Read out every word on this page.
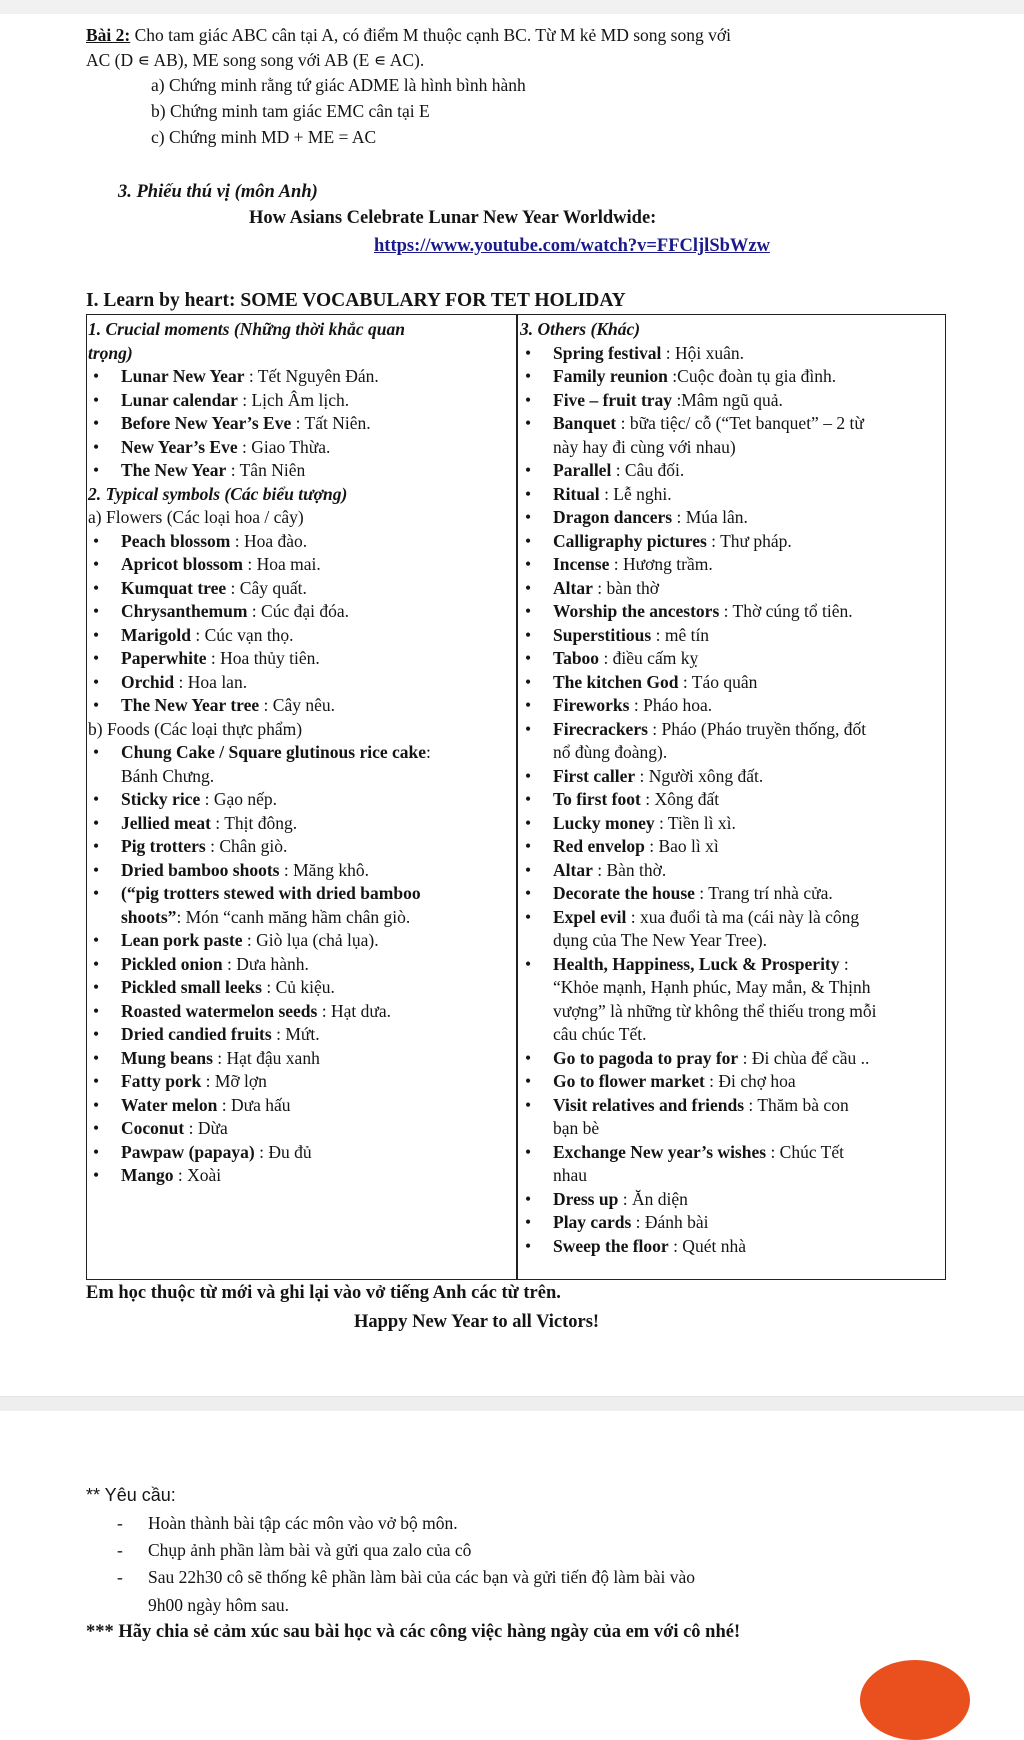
Bài 2: Cho tam giác ABC cân tại A, có điểm M thuộc cạnh BC. Từ M kẻ MD song song với
AC (D ∊ AB), ME song song với AB (E ∊ AC).
a) Chứng minh rằng tứ giác ADME là hình bình hành
b) Chứng minh tam giác EMC cân tại E
c) Chứng minh MD + ME = AC
3. Phiếu thú vị (môn Anh)
How Asians Celebrate Lunar New Year Worldwide:
https://www.youtube.com/watch?v=FFCljlSbWzw
I. Learn by heart: SOME VOCABULARY FOR TET HOLIDAY
1. Crucial moments (Những thời khắc quan
trọng)
• Lunar New Year : Tết Nguyên Đán.
• Lunar calendar : Lịch Âm lịch.
• Before New Year’s Eve : Tất Niên.
• New Year’s Eve : Giao Thừa.
• The New Year : Tân Niên
2. Typical symbols (Các biểu tượng)
a) Flowers (Các loại hoa / cây)
• Peach blossom : Hoa đào.
• Apricot blossom : Hoa mai.
• Kumquat tree : Cây quất.
• Chrysanthemum : Cúc đại đóa.
• Marigold : Cúc vạn thọ.
• Paperwhite : Hoa thủy tiên.
• Orchid : Hoa lan.
• The New Year tree : Cây nêu.
b) Foods (Các loại thực phẩm)
• Chung Cake / Square glutinous rice cake:
Bánh Chưng.
• Sticky rice : Gạo nếp.
• Jellied meat : Thịt đông.
• Pig trotters : Chân giò.
• Dried bamboo shoots : Măng khô.
• (“pig trotters stewed with dried bamboo
shoots”: Món “canh măng hầm chân giò.
• Lean pork paste : Giò lụa (chả lụa).
• Pickled onion : Dưa hành.
• Pickled small leeks : Củ kiệu.
• Roasted watermelon seeds : Hạt dưa.
• Dried candied fruits : Mứt.
• Mung beans : Hạt đậu xanh
• Fatty pork : Mỡ lợn
• Water melon : Dưa hấu
• Coconut : Dừa
• Pawpaw (papaya) : Đu đủ
• Mango : Xoài
3. Others (Khác)
• Spring festival : Hội xuân.
• Family reunion :Cuộc đoàn tụ gia đình.
• Five – fruit tray :Mâm ngũ quả.
• Banquet : bữa tiệc/ cỗ (“Tet banquet” – 2 từ
này hay đi cùng với nhau)
• Parallel : Câu đối.
• Ritual : Lễ nghi.
• Dragon dancers : Múa lân.
• Calligraphy pictures : Thư pháp.
• Incense : Hương trầm.
• Altar : bàn thờ
• Worship the ancestors : Thờ cúng tổ tiên.
• Superstitious : mê tín
• Taboo : điều cấm kỵ
• The kitchen God : Táo quân
• Fireworks : Pháo hoa.
• Firecrackers : Pháo (Pháo truyền thống, đốt
nổ đùng đoàng).
• First caller : Người xông đất.
• To first foot : Xông đất
• Lucky money : Tiền lì xì.
• Red envelop : Bao lì xì
• Altar : Bàn thờ.
• Decorate the house : Trang trí nhà cửa.
• Expel evil : xua đuổi tà ma (cái này là công
dụng của The New Year Tree).
• Health, Happiness, Luck & Prosperity :
“Khỏe mạnh, Hạnh phúc, May mắn, & Thịnh
vượng” là những từ không thể thiếu trong mỗi
câu chúc Tết.
• Go to pagoda to pray for : Đi chùa để cầu ..
• Go to flower market : Đi chợ hoa
• Visit relatives and friends : Thăm bà con
bạn bè
• Exchange New year’s wishes : Chúc Tết
nhau
• Dress up : Ăn diện
• Play cards : Đánh bài
• Sweep the floor : Quét nhà
Em học thuộc từ mới và ghi lại vào vở tiếng Anh các từ trên.
Happy New Year to all Victors!
** Yêu cầu:
- Hoàn thành bài tập các môn vào vở bộ môn.
- Chụp ảnh phần làm bài và gửi qua zalo của cô
- Sau 22h30 cô sẽ thống kê phần làm bài của các bạn và gửi tiến độ làm bài vào
9h00 ngày hôm sau.
*** Hãy chia sẻ cảm xúc sau bài học và các công việc hàng ngày của em với cô nhé!
